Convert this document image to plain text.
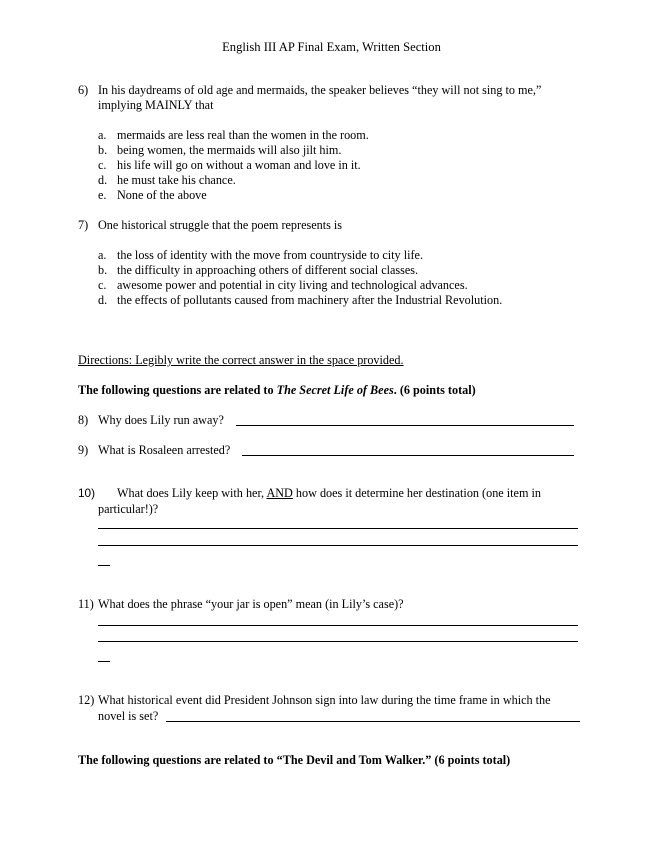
English III AP Final Exam, Written Section
6) In his daydreams of old age and mermaids, the speaker believes “they will not sing to me,”
implying MAINLY that
a. mermaids are less real than the women in the room.
b. being women, the mermaids will also jilt him.
c. his life will go on without a woman and love in it.
d. he must take his chance.
e. None of the above
7) One historical struggle that the poem represents is
a. the loss of identity with the move from countryside to city life.
b. the difficulty in approaching others of different social classes.
c. awesome power and potential in city living and technological advances.
d. the effects of pollutants caused from machinery after the Industrial Revolution.
Directions: Legibly write the correct answer in the space provided.
The following questions are related to The Secret Life of Bees. (6 points total)
8) Why does Lily run away?
9) What is Rosaleen arrested?
10) What does Lily keep with her, AND how does it determine her destination (one item in
particular!)?
11) What does the phrase “your jar is open” mean (in Lily’s case)?
12) What historical event did President Johnson sign into law during the time frame in which the
novel is set?
The following questions are related to “The Devil and Tom Walker.” (6 points total)
